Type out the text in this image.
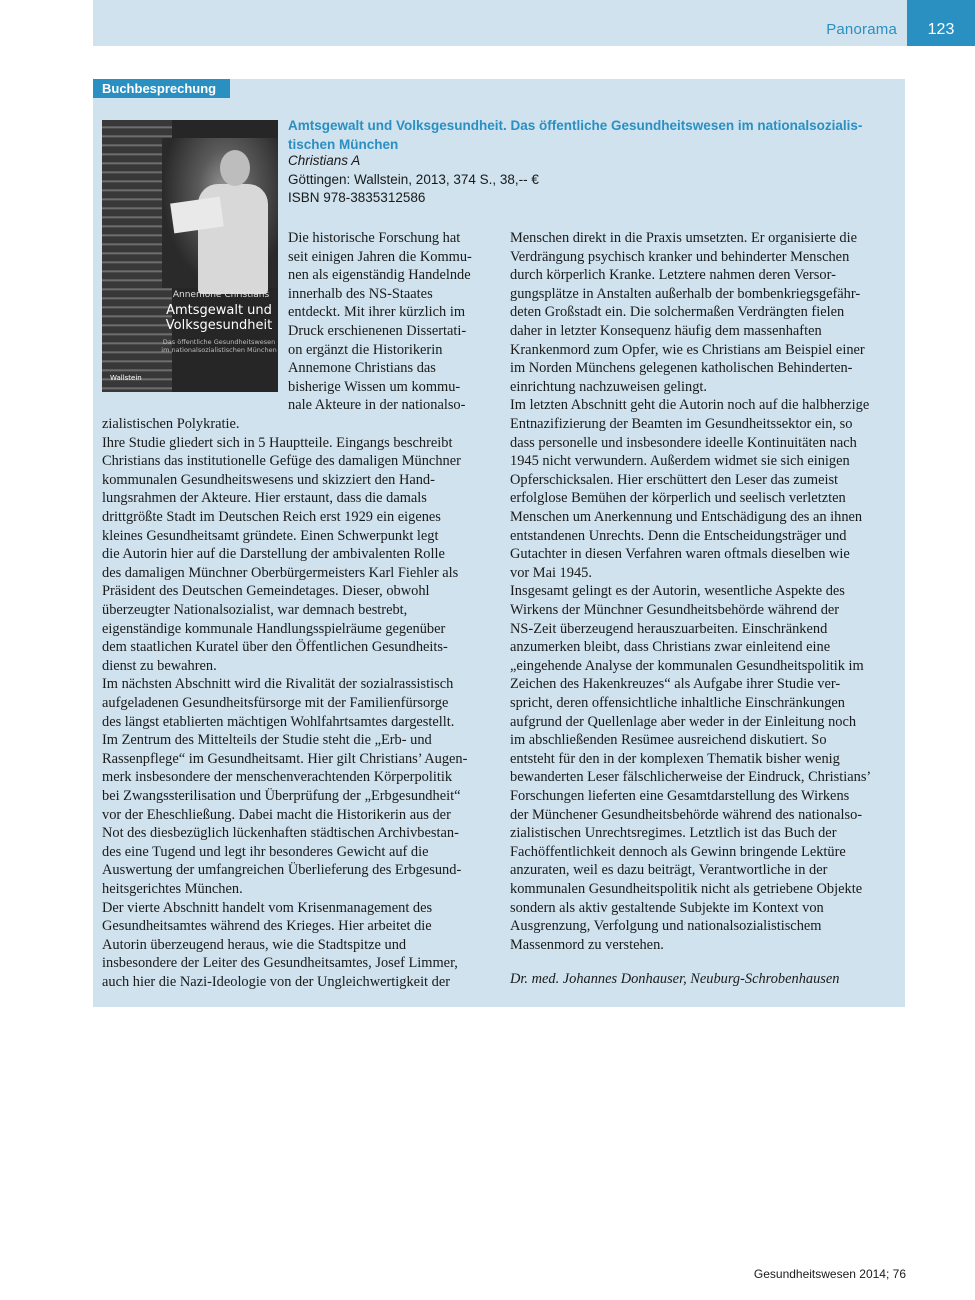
Panorama	123
Buchbesprechung
Annemone Christians
Amtsgewalt und
Volksgesundheit
Das öffentliche Gesundheitswesen
im nationalsozialistischen München
Wallstein
Amtsgewalt und Volksgesundheit. Das öffentliche Gesundheitswesen im nationalsozialis-
tischen München
Christians A
Göttingen: Wallstein, 2013, 374 S., 38,-- €
ISBN 978-3835312586
Die historische Forschung hat
seit einigen Jahren die Kommu-
nen als eigenständig Handelnde
innerhalb des NS-Staates
entdeckt. Mit ihrer kürzlich im
Druck erschienenen Dissertati-
on ergänzt die Historikerin
Annemone Christians das
bisherige Wissen um kommu-
nale Akteure in der nationalso-
zialistischen Polykratie.
Ihre Studie gliedert sich in 5 Hauptteile. Eingangs beschreibt
Christians das institutionelle Gefüge des damaligen Münchner
kommunalen Gesundheitswesens und skizziert den Hand-
lungsrahmen der Akteure. Hier erstaunt, dass die damals
drittgrößte Stadt im Deutschen Reich erst 1929 ein eigenes
kleines Gesundheitsamt gründete. Einen Schwerpunkt legt
die Autorin hier auf die Darstellung der ambivalenten Rolle
des damaligen Münchner Oberbürgermeisters Karl Fiehler als
Präsident des Deutschen Gemeindetages. Dieser, obwohl
überzeugter Nationalsozialist, war demnach bestrebt,
eigenständige kommunale Handlungsspielräume gegenüber
dem staatlichen Kuratel über den Öffentlichen Gesundheits-
dienst zu bewahren.
Im nächsten Abschnitt wird die Rivalität der sozialrassistisch
aufgeladenen Gesundheitsfürsorge mit der Familienfürsorge
des längst etablierten mächtigen Wohlfahrtsamtes dargestellt.
Im Zentrum des Mittelteils der Studie steht die „Erb- und
Rassenpflege“ im Gesundheitsamt. Hier gilt Christians’ Augen-
merk insbesondere der menschenverachtenden Körperpolitik
bei Zwangssterilisation und Überprüfung der „Erbgesundheit“
vor der Eheschließung. Dabei macht die Historikerin aus der
Not des diesbezüglich lückenhaften städtischen Archivbestan-
des eine Tugend und legt ihr besonderes Gewicht auf die
Auswertung der umfangreichen Überlieferung des Erbgesund-
heitsgerichtes München.
Der vierte Abschnitt handelt vom Krisenmanagement des
Gesundheitsamtes während des Krieges. Hier arbeitet die
Autorin überzeugend heraus, wie die Stadtspitze und
insbesondere der Leiter des Gesundheitsamtes, Josef Limmer,
auch hier die Nazi-Ideologie von der Ungleichwertigkeit der
Menschen direkt in die Praxis umsetzten. Er organisierte die
Verdrängung psychisch kranker und behinderter Menschen
durch körperlich Kranke. Letztere nahmen deren Versor-
gungsplätze in Anstalten außerhalb der bombenkriegsgefähr-
deten Großstadt ein. Die solchermaßen Verdrängten fielen
daher in letzter Konsequenz häufig dem massenhaften
Krankenmord zum Opfer, wie es Christians am Beispiel einer
im Norden Münchens gelegenen katholischen Behinderten-
einrichtung nachzuweisen gelingt.
Im letzten Abschnitt geht die Autorin noch auf die halbherzige
Entnazifizierung der Beamten im Gesundheitssektor ein, so
dass personelle und insbesondere ideelle Kontinuitäten nach
1945 nicht verwundern. Außerdem widmet sie sich einigen
Opferschicksalen. Hier erschüttert den Leser das zumeist
erfolglose Bemühen der körperlich und seelisch verletzten
Menschen um Anerkennung und Entschädigung des an ihnen
entstandenen Unrechts. Denn die Entscheidungsträger und
Gutachter in diesen Verfahren waren oftmals dieselben wie
vor Mai 1945.
Insgesamt gelingt es der Autorin, wesentliche Aspekte des
Wirkens der Münchner Gesundheitsbehörde während der
NS-Zeit überzeugend herauszuarbeiten. Einschränkend
anzumerken bleibt, dass Christians zwar einleitend eine
„eingehende Analyse der kommunalen Gesundheitspolitik im
Zeichen des Hakenkreuzes“ als Aufgabe ihrer Studie ver-
spricht, deren offensichtliche inhaltliche Einschränkungen
aufgrund der Quellenlage aber weder in der Einleitung noch
im abschließenden Resümee ausreichend diskutiert. So
entsteht für den in der komplexen Thematik bisher wenig
bewanderten Leser fälschlicherweise der Eindruck, Christians’
Forschungen lieferten eine Gesamtdarstellung des Wirkens
der Münchener Gesundheitsbehörde während des nationalso-
zialistischen Unrechtsregimes. Letztlich ist das Buch der
Fachöffentlichkeit dennoch als Gewinn bringende Lektüre
anzuraten, weil es dazu beiträgt, Verantwortliche in der
kommunalen Gesundheitspolitik nicht als getriebene Objekte
sondern als aktiv gestaltende Subjekte im Kontext von
Ausgrenzung, Verfolgung und nationalsozialistischem
Massenmord zu verstehen.
Dr. med. Johannes Donhauser, Neuburg-Schrobenhausen
Gesundheitswesen 2014; 76
